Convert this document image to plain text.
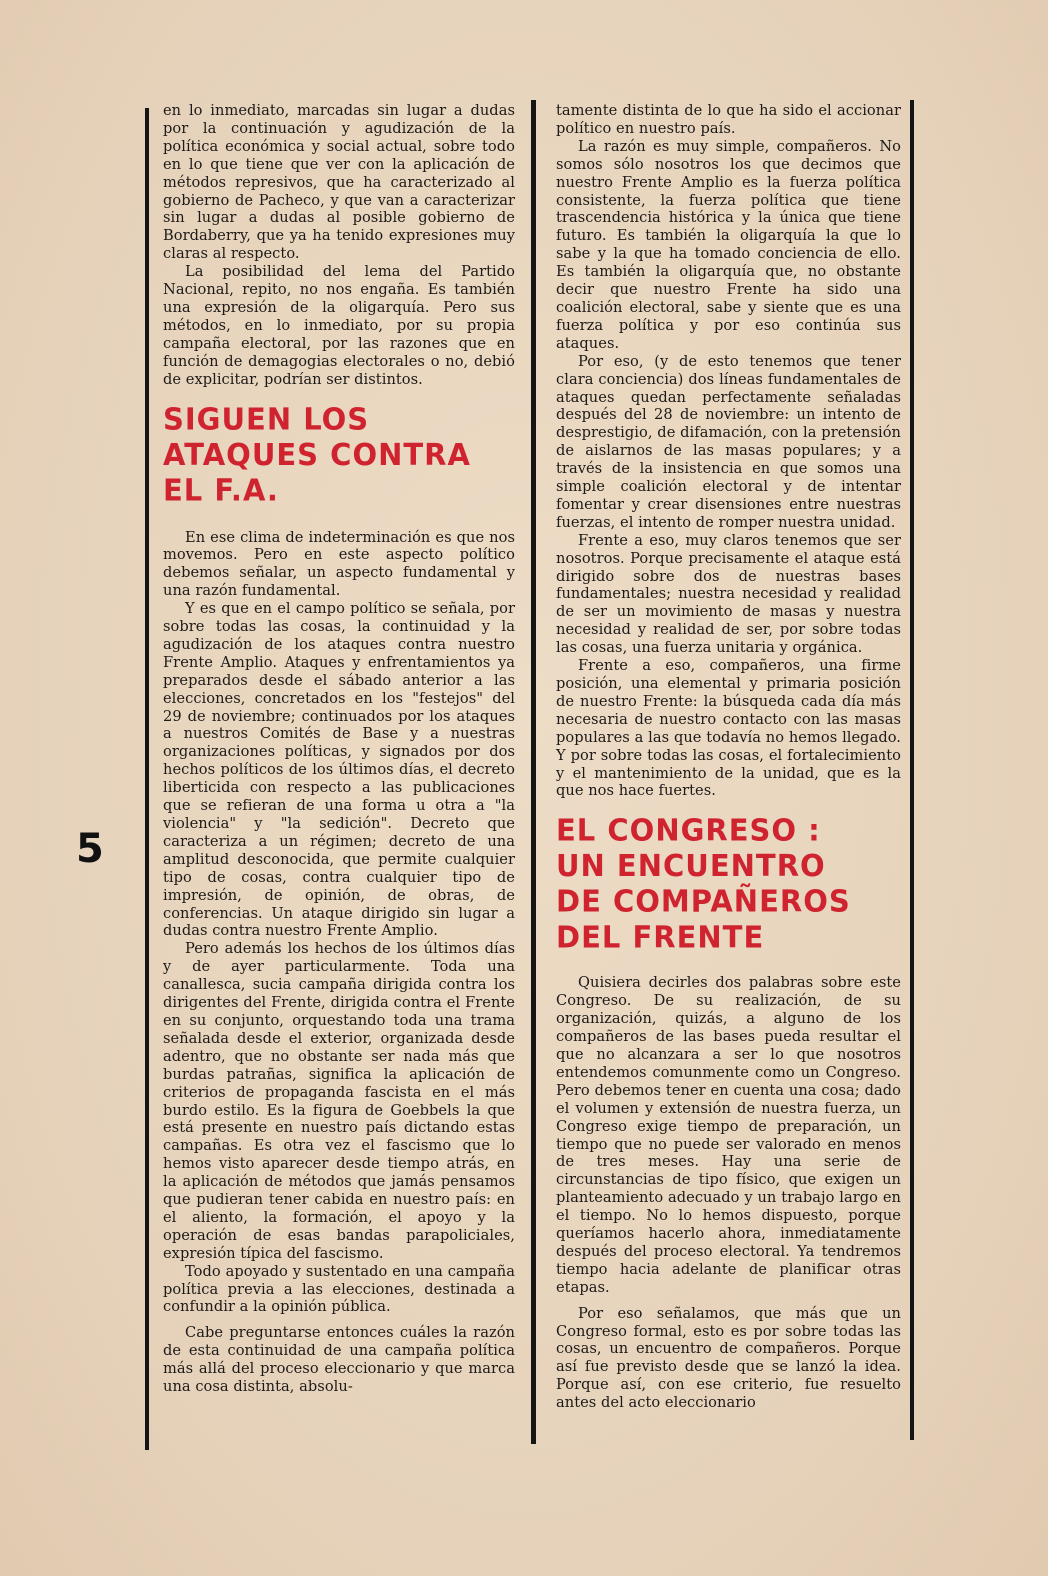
5

en lo inmediato, marcadas sin lugar a dudas por la continuación y agudización de la política económica y social actual, sobre todo en lo que tiene que ver con la aplicación de métodos represivos, que ha caracterizado al gobierno de Pacheco, y que van a caracterizar sin lugar a dudas al posible gobierno de Bordaberry, que ya ha tenido expresiones muy claras al respecto.

La posibilidad del lema del Partido Nacional, repito, no nos engaña. Es también una expresión de la oligarquía. Pero sus métodos, en lo inmediato, por su propia campaña electoral, por las razones que en función de demagogias electorales o no, debió de explicitar, podrían ser distintos.

SIGUEN LOS ATAQUES CONTRA EL F.A.

En ese clima de indeterminación es que nos movemos. Pero en este aspecto político debemos señalar, un aspecto fundamental y una razón fundamental.

Y es que en el campo político se señala, por sobre todas las cosas, la continuidad y la agudización de los ataques contra nuestro Frente Amplio. Ataques y enfrentamientos ya preparados desde el sábado anterior a las elecciones, concretados en los "festejos" del 29 de noviembre; continuados por los ataques a nuestros Comités de Base y a nuestras organizaciones políticas, y signados por dos hechos políticos de los últimos días, el decreto liberticida con respecto a las publicaciones que se refieran de una forma u otra a "la violencia" y "la sedición". Decreto que caracteriza a un régimen; decreto de una amplitud desconocida, que permite cualquier tipo de cosas, contra cualquier tipo de impresión, de opinión, de obras, de conferencias. Un ataque dirigido sin lugar a dudas contra nuestro Frente Amplio.

Pero además los hechos de los últimos días y de ayer particularmente. Toda una canallesca, sucia campaña dirigida contra los dirigentes del Frente, dirigida contra el Frente en su conjunto, orquestando toda una trama señalada desde el exterior, organizada desde adentro, que no obstante ser nada más que burdas patrañas, significa la aplicación de criterios de propaganda fascista en el más burdo estilo. Es la figura de Goebbels la que está presente en nuestro país dictando estas campañas. Es otra vez el fascismo que lo hemos visto aparecer desde tiempo atrás, en la aplicación de métodos que jamás pensamos que pudieran tener cabida en nuestro país: en el aliento, la formación, el apoyo y la operación de esas bandas parapoliciales, expresión típica del fascismo.

Todo apoyado y sustentado en una campaña política previa a las elecciones, destinada a confundir a la opinión pública.

Cabe preguntarse entonces cuáles la razón de esta continuidad de una campaña política más allá del proceso eleccionario y que marca una cosa distinta, absolu-

tamente distinta de lo que ha sido el accionar político en nuestro país.

La razón es muy simple, compañeros. No somos sólo nosotros los que decimos que nuestro Frente Amplio es la fuerza política consistente, la fuerza política que tiene trascendencia histórica y la única que tiene futuro. Es también la oligarquía la que lo sabe y la que ha tomado conciencia de ello. Es también la oligarquía que, no obstante decir que nuestro Frente ha sido una coalición electoral, sabe y siente que es una fuerza política y por eso continúa sus ataques.

Por eso, (y de esto tenemos que tener clara conciencia) dos líneas fundamentales de ataques quedan perfectamente señaladas después del 28 de noviembre: un intento de desprestigio, de difamación, con la pretensión de aislarnos de las masas populares; y a través de la insistencia en que somos una simple coalición electoral y de intentar fomentar y crear disensiones entre nuestras fuerzas, el intento de romper nuestra unidad.

Frente a eso, muy claros tenemos que ser nosotros. Porque precisamente el ataque está dirigido sobre dos de nuestras bases fundamentales; nuestra necesidad y realidad de ser un movimiento de masas y nuestra necesidad y realidad de ser, por sobre todas las cosas, una fuerza unitaria y orgánica.

Frente a eso, compañeros, una firme posición, una elemental y primaria posición de nuestro Frente: la búsqueda cada día más necesaria de nuestro contacto con las masas populares a las que todavía no hemos llegado. Y por sobre todas las cosas, el fortalecimiento y el mantenimiento de la unidad, que es la que nos hace fuertes.

EL CONGRESO : UN ENCUENTRO DE COMPAÑEROS DEL FRENTE

Quisiera decirles dos palabras sobre este Congreso. De su realización, de su organización, quizás, a alguno de los compañeros de las bases pueda resultar el que no alcanzara a ser lo que nosotros entendemos comunmente como un Congreso. Pero debemos tener en cuenta una cosa; dado el volumen y extensión de nuestra fuerza, un Congreso exige tiempo de preparación, un tiempo que no puede ser valorado en menos de tres meses. Hay una serie de circunstancias de tipo físico, que exigen un planteamiento adecuado y un trabajo largo en el tiempo. No lo hemos dispuesto, porque queríamos hacerlo ahora, inmediatamente después del proceso electoral. Ya tendremos tiempo hacia adelante de planificar otras etapas.

Por eso señalamos, que más que un Congreso formal, esto es por sobre todas las cosas, un encuentro de compañeros. Porque así fue previsto desde que se lanzó la idea. Porque así, con ese criterio, fue resuelto antes del acto eleccionario
